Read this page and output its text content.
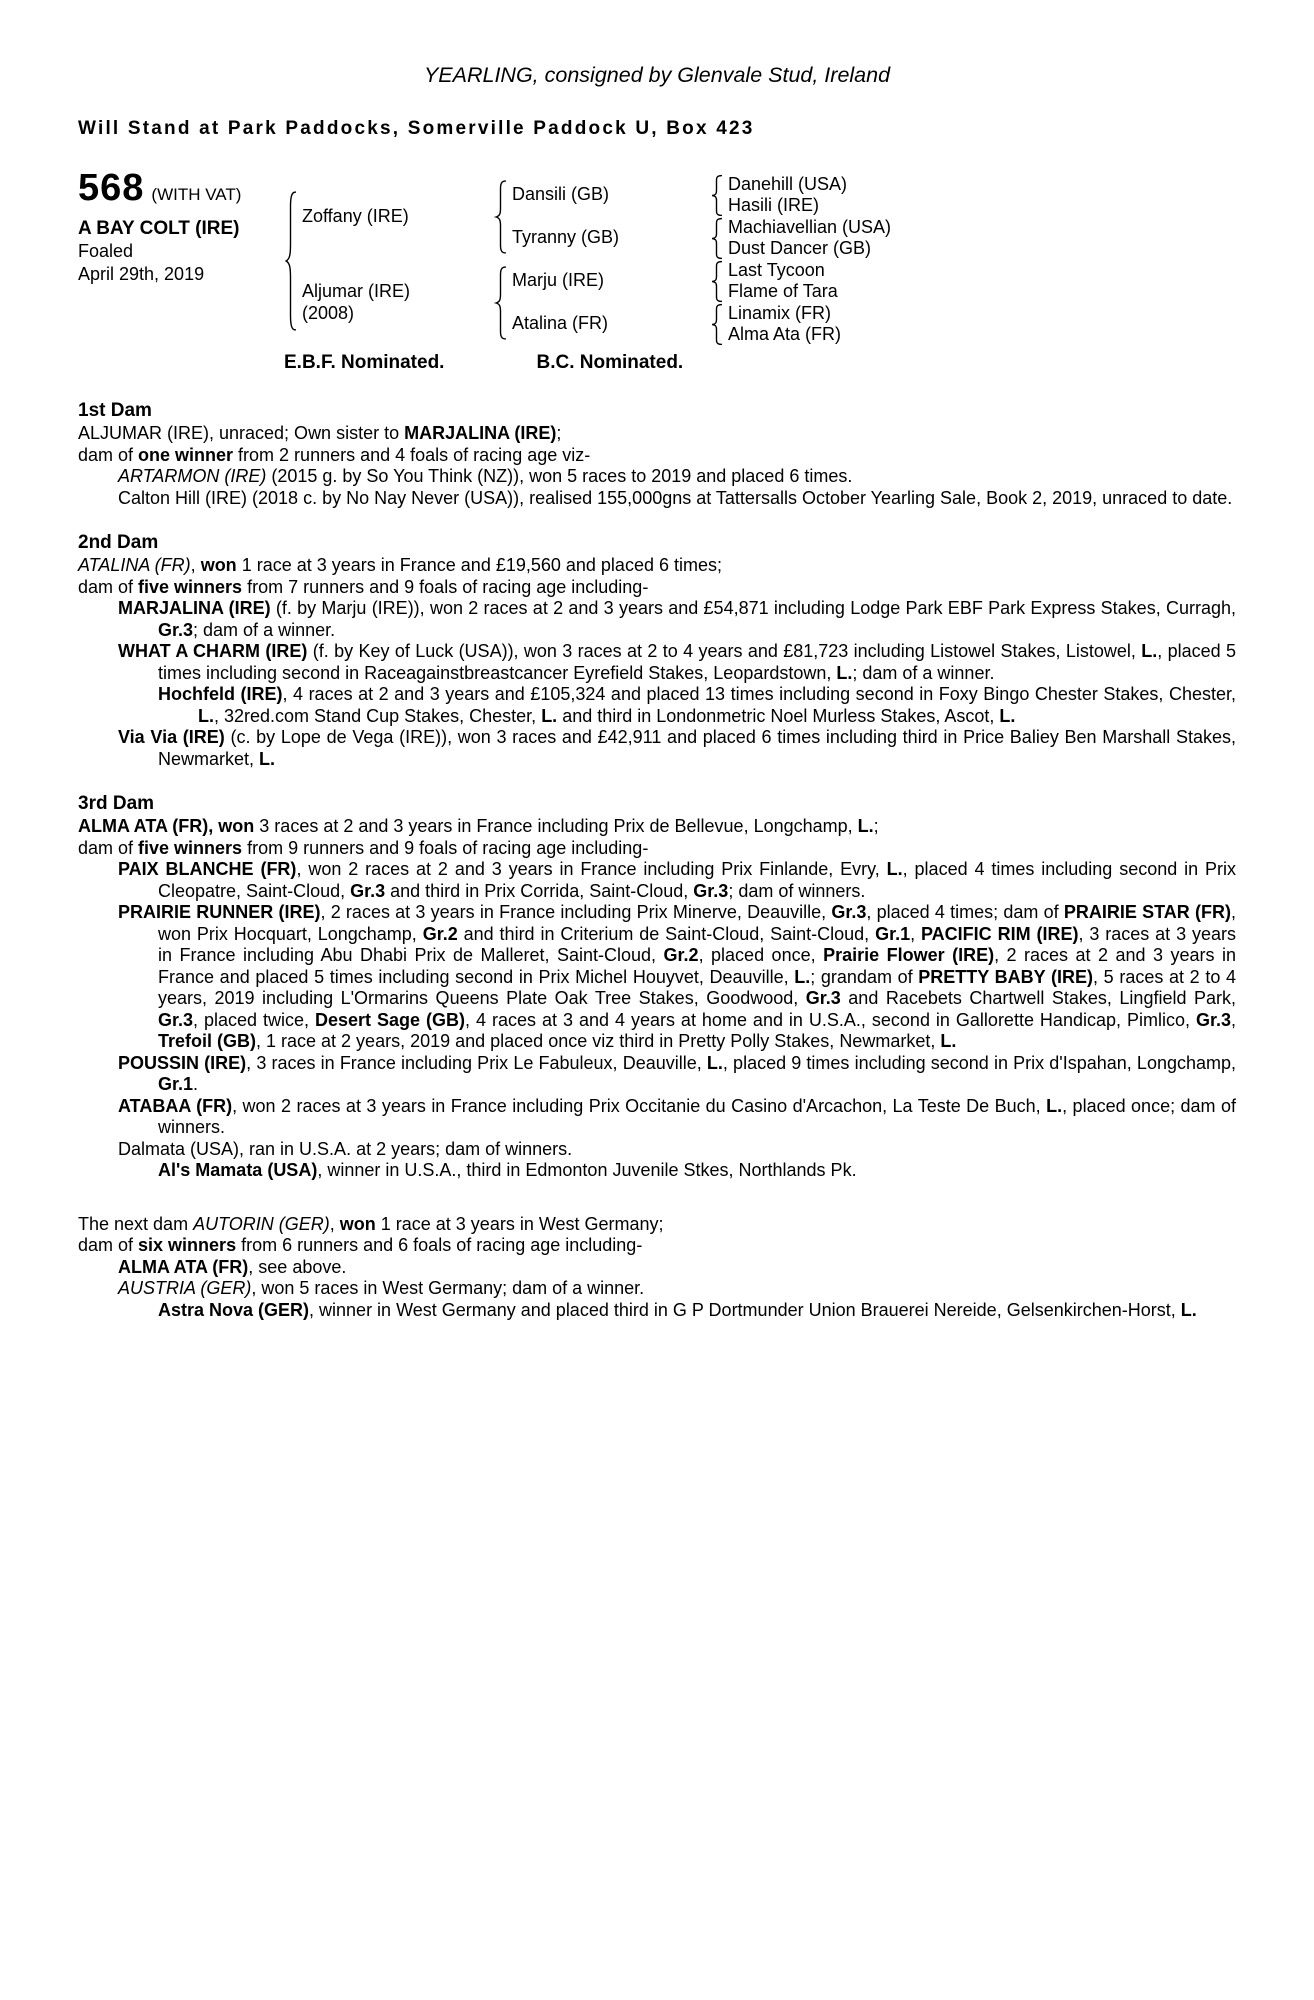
YEARLING, consigned by Glenvale Stud, Ireland
Will Stand at Park Paddocks, Somerville Paddock U, Box 423
568 (WITH VAT)
A BAY COLT (IRE)
Foaled
April 29th, 2019
Zoffany (IRE)
Aljumar (IRE)
(2008)
Dansili (GB)
Tyranny (GB)
Marju (IRE)
Atalina (FR)
Danehill (USA)
Hasili (IRE)
Machiavellian (USA)
Dust Dancer (GB)
Last Tycoon
Flame of Tara
Linamix (FR)
Alma Ata (FR)
E.B.F. Nominated.	B.C. Nominated.
1st Dam

ALJUMAR (IRE), unraced; Own sister to MARJALINA (IRE);

dam of one winner from 2 runners and 4 foals of racing age viz-

ARTARMON (IRE) (2015 g. by So You Think (NZ)), won 5 races to 2019 and placed 6 times.

Calton Hill (IRE) (2018 c. by No Nay Never (USA)), realised 155,000gns at Tattersalls October Yearling Sale, Book 2, 2019, unraced to date.

2nd Dam

ATALINA (FR), won 1 race at 3 years in France and £19,560 and placed 6 times;

dam of five winners from 7 runners and 9 foals of racing age including-

MARJALINA (IRE) (f. by Marju (IRE)), won 2 races at 2 and 3 years and £54,871 including Lodge Park EBF Park Express Stakes, Curragh, Gr.3; dam of a winner.

WHAT A CHARM (IRE) (f. by Key of Luck (USA)), won 3 races at 2 to 4 years and £81,723 including Listowel Stakes, Listowel, L., placed 5 times including second in Raceagainstbreastcancer Eyrefield Stakes, Leopardstown, L.; dam of a winner.

Hochfeld (IRE), 4 races at 2 and 3 years and £105,324 and placed 13 times including second in Foxy Bingo Chester Stakes, Chester, L., 32red.com Stand Cup Stakes, Chester, L. and third in Londonmetric Noel Murless Stakes, Ascot, L.

Via Via (IRE) (c. by Lope de Vega (IRE)), won 3 races and £42,911 and placed 6 times including third in Price Baliey Ben Marshall Stakes, Newmarket, L.

3rd Dam

ALMA ATA (FR), won 3 races at 2 and 3 years in France including Prix de Bellevue, Longchamp, L.;

dam of five winners from 9 runners and 9 foals of racing age including-

PAIX BLANCHE (FR), won 2 races at 2 and 3 years in France including Prix Finlande, Evry, L., placed 4 times including second in Prix Cleopatre, Saint-Cloud, Gr.3 and third in Prix Corrida, Saint-Cloud, Gr.3; dam of winners.

PRAIRIE RUNNER (IRE), 2 races at 3 years in France including Prix Minerve, Deauville, Gr.3, placed 4 times; dam of PRAIRIE STAR (FR), won Prix Hocquart, Longchamp, Gr.2 and third in Criterium de Saint-Cloud, Saint-Cloud, Gr.1, PACIFIC RIM (IRE), 3 races at 3 years in France including Abu Dhabi Prix de Malleret, Saint-Cloud, Gr.2, placed once, Prairie Flower (IRE), 2 races at 2 and 3 years in France and placed 5 times including second in Prix Michel Houyvet, Deauville, L.; grandam of PRETTY BABY (IRE), 5 races at 2 to 4 years, 2019 including L'Ormarins Queens Plate Oak Tree Stakes, Goodwood, Gr.3 and Racebets Chartwell Stakes, Lingfield Park, Gr.3, placed twice, Desert Sage (GB), 4 races at 3 and 4 years at home and in U.S.A., second in Gallorette Handicap, Pimlico, Gr.3, Trefoil (GB), 1 race at 2 years, 2019 and placed once viz third in Pretty Polly Stakes, Newmarket, L.

POUSSIN (IRE), 3 races in France including Prix Le Fabuleux, Deauville, L., placed 9 times including second in Prix d'Ispahan, Longchamp, Gr.1.

ATABAA (FR), won 2 races at 3 years in France including Prix Occitanie du Casino d'Arcachon, La Teste De Buch, L., placed once; dam of winners.

Dalmata (USA), ran in U.S.A. at 2 years; dam of winners.

Al's Mamata (USA), winner in U.S.A., third in Edmonton Juvenile Stkes, Northlands Pk.

The next dam AUTORIN (GER), won 1 race at 3 years in West Germany;

dam of six winners from 6 runners and 6 foals of racing age including-

ALMA ATA (FR), see above.

AUSTRIA (GER), won 5 races in West Germany; dam of a winner.

Astra Nova (GER), winner in West Germany and placed third in G P Dortmunder Union Brauerei Nereide, Gelsenkirchen-Horst, L.
